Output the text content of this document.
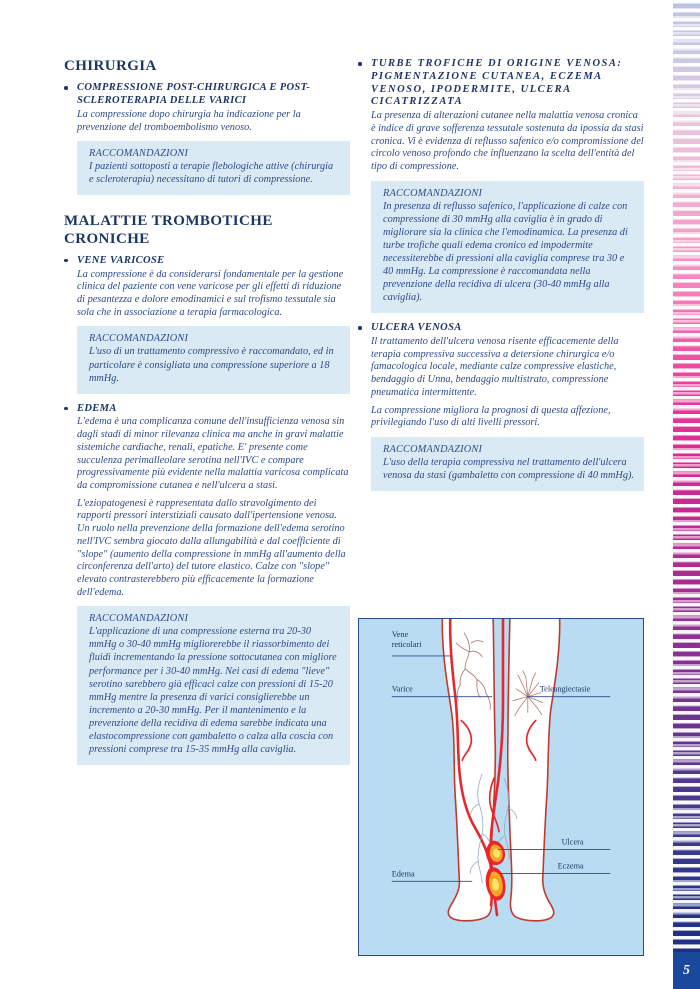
CHIRURGIA

COMPRESSIONE POST-CHIRURGICA E POST-SCLEROTERAPIA DELLE VARICI

La compressione dopo chirurgia ha indicazione per la prevenzione del tromboembolismo venoso.

RACCOMANDAZIONI

I pazienti sottoposti a terapie flebologiche attive (chirurgia e scleroterapia) necessitano di tutori di compressione.

MALATTIE TROMBOTICHE CRONICHE

VENE VARICOSE

La compressione è da considerarsi fondamentale per la gestione clinica del paziente con vene varicose per gli effetti di riduzione di pesantezza e dolore emodinamici e sul trofismo tessutale sia sola che in associazione a terapia farmacologica.

RACCOMANDAZIONI

L'uso di un trattamento compressivo è raccomandato, ed in particolare è consigliata una compressione superiore a 18 mmHg.

EDEMA

L'edema è una complicanza comune dell'insufficienza venosa sin dagli stadi di minor rilevanza clinica ma anche in gravi malattie sistemiche cardiache, renali, epatiche. E' presente come succulenza perimalleolare serotina nell'IVC e compare progressivamente più evidente nella malattia varicosa complicata da compromissione cutanea e nell'ulcera a stasi.

L'eziopatogenesi è rappresentata dallo stravolgimento dei rapporti pressori interstiziali causato dall'ipertensione venosa. Un ruolo nella prevenzione della formazione dell'edema serotino nell'IVC sembra giocato dalla allungabilità e dal coefficiente di "slope" (aumento della compressione in mmHg all'aumento della circonferenza dell'arto) del tutore elastico. Calze con "slope" elevato contrasterebbero più efficacemente la formazione dell'edema.

RACCOMANDAZIONI

L'applicazione di una compressione esterna tra 20-30 mmHg o 30-40 mmHg migliorerebbe il riassorbimento dei fluidi incrementando la pressione sottocutanea con migliore performance per i 30-40 mmHg. Nei casi di edema "lieve" serotino sarebbero già efficaci calze con pressioni di 15-20 mmHg mentre la presenza di varici consiglierebbe un incremento a 20-30 mmHg. Per il mantenimento e la prevenzione della recidiva di edema sarebbe indicata una elastocompressione con gambaletto o calza alla coscia con pressioni comprese tra 15-35 mmHg alla caviglia.

TURBE TROFICHE DI ORIGINE VENOSA: PIGMENTAZIONE CUTANEA, ECZEMA VENOSO, IPODERMITE, ULCERA CICATRIZZATA

La presenza di alterazioni cutanee nella malattia venosa cronica è indice di grave sofferenza tessutale sostenuta da ipossia da stasi cronica. Vi è evidenza di reflusso safenico e/o compromissione del circolo venoso profondo che influenzano la scelta dell'entità del tipo di compressione.

RACCOMANDAZIONI

In presenza di reflusso safenico, l'applicazione di calze con compressione di 30 mmHg alla caviglia è in grado di migliorare sia la clinica che l'emodinamica. La presenza di turbe trofiche quali edema cronico ed impodermite necessiterebbe di pressioni alla caviglia comprese tra 30 e 40 mmHg. La compressione è raccomandata nella prevenzione della recidiva di ulcera (30-40 mmHg alla caviglia).

ULCERA VENOSA

Il trattamento dell'ulcera venosa risente efficacemente della terapia compressiva successiva a detersione chirurgica e/o famacologica locale, mediante calze compressive elastiche, bendaggio di Unna, bendaggio multistrato, compressione pneumatica intermittente.

La compressione migliora la prognosi di questa affezione, privilegiando l'uso di alti livelli pressori.

RACCOMANDAZIONI

L'uso della terapia compressiva nel trattamento dell'ulcera venosa da stasi (gambaletto con compressione di 40 mmHg).

Vene
reticolari
Varice	Teleangiectasie
Ulcera
Eczema
Edema
5
